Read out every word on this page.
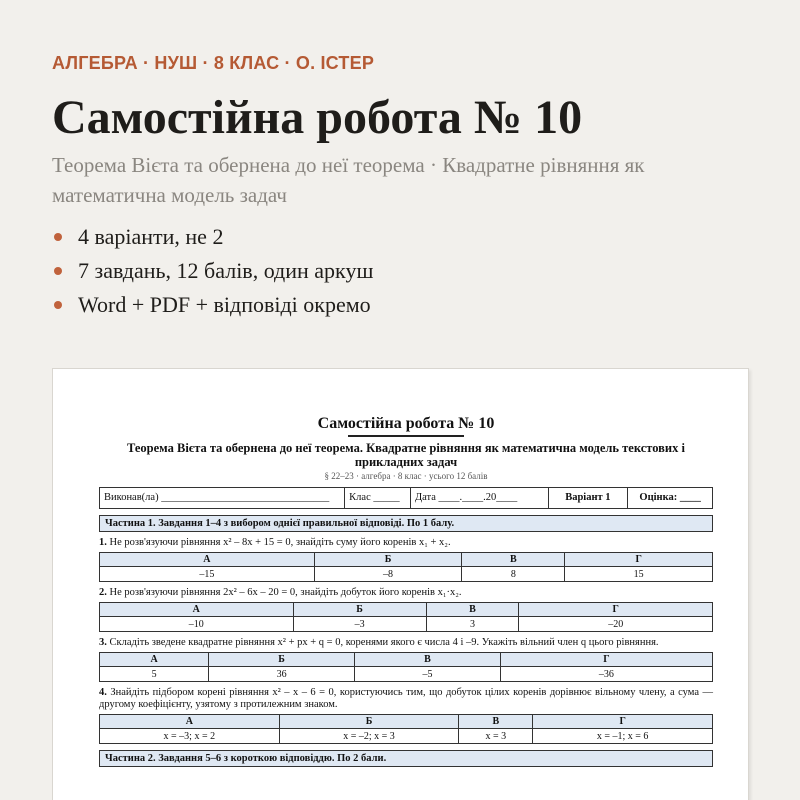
АЛГЕБРА · НУШ · 8 КЛАС · О. ІСТЕР
Самостійна робота № 10
Теорема Вієта та обернена до неї теорема · Квадратне рівняння як математична модель задач
4 варіанти, не 2
7 завдань, 12 балів, один аркуш
Word + PDF + відповіді окремо
Самостійна робота № 10
Теорема Вієта та обернена до неї теорема. Квадратне рівняння як математична модель текстових і прикладних задач
§ 22–23 · алгебра · 8 клас · усього 12 балів
Виконав(ла) ________________________________	Клас _____	Дата ____.____.20____	Варіант 1	Оцінка: ____
Частина 1. Завдання 1–4 з вибором однієї правильної відповіді. По 1 балу.
1. Не розв'язуючи рівняння x² – 8x + 15 = 0, знайдіть суму його коренів x₁ + x₂.
А	Б	В	Г
–15	–8	8	15
2. Не розв'язуючи рівняння 2x² – 6x – 20 = 0, знайдіть добуток його коренів x₁·x₂.
А	Б	В	Г
–10	–3	3	–20
3. Складіть зведене квадратне рівняння x² + px + q = 0, коренями якого є числа 4 і –9. Укажіть вільний член q цього рівняння.
А	Б	В	Г
5	36	–5	–36
4. Знайдіть підбором корені рівняння x² – x – 6 = 0, користуючись тим, що добуток цілих коренів дорівнює вільному члену, а сума — другому коефіцієнту, узятому з протилежним знаком.
А	Б	В	Г
x = –3; x = 2	x = –2; x = 3	x = 3	x = –1; x = 6
Частина 2. Завдання 5–6 з короткою відповіддю. По 2 бали.
